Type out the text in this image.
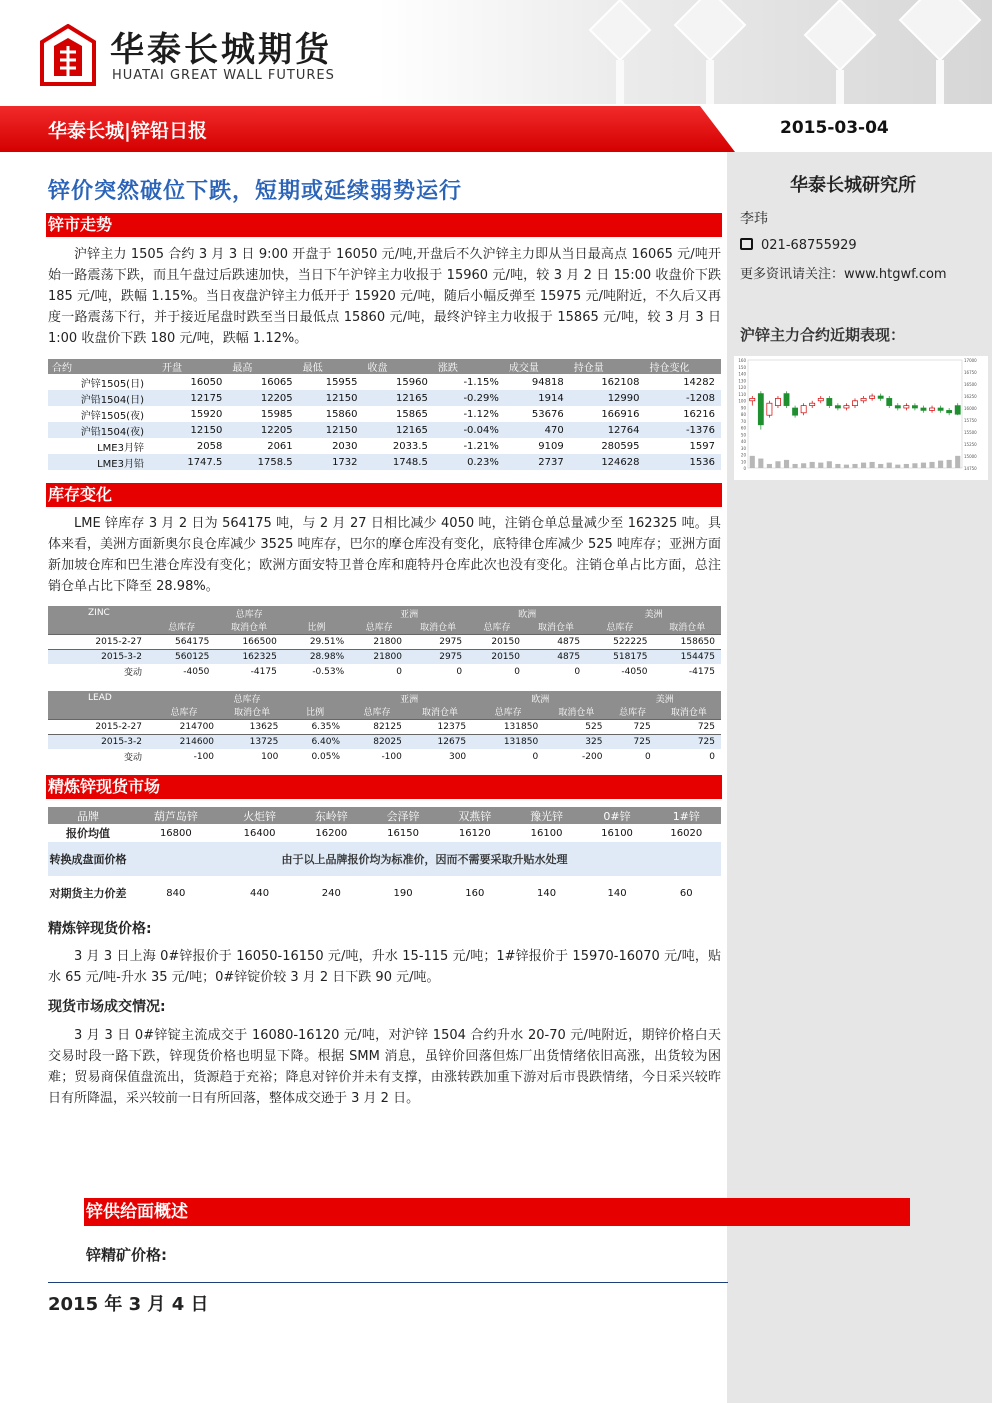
华泰长城期货
HUATAI GREAT WALL FUTURES
华泰长城|锌铅日报	2015-03-04
华泰长城研究所
李玮
021-68755929
更多资讯请关注：www.htgwf.com
沪锌主力合约近期表现：
160
150
140
130
120
110
100
90
80
70
60
50
40
30
20
10
0
17000
16750
16500
16250
16000
15750
15500
15250
15000
14750
锌价突然破位下跌，短期或延续弱势运行
锌市走势
沪锌主力 1505 合约 3 月 3 日 9:00 开盘于 16050 元/吨,开盘后不久沪锌主力即从当日最高点 16065 元/吨开始一路震荡下跌，而且午盘过后跌速加快，当日下午沪锌主力收报于 15960 元/吨，较 3 月 2 日 15:00 收盘价下跌 185 元/吨，跌幅 1.15%。当日夜盘沪锌主力低开于 15920 元/吨，随后小幅反弹至 15975 元/吨附近，不久后又再度一路震荡下行，并于接近尾盘时跌至当日最低点 15860 元/吨，最终沪锌主力收报于 15865 元/吨，较 3 月 3 日 1:00 收盘价下跌 180 元/吨，跌幅 1.12%。
合约	开盘	最高	最低	收盘	涨跌	成交量	持仓量	持仓变化
沪锌1505(日)	16050	16065	15955	15960	-1.15%	94818	162108	14282
沪铅1504(日)	12175	12205	12150	12165	-0.29%	1914	12990	-1208
沪锌1505(夜)	15920	15985	15860	15865	-1.12%	53676	166916	16216
沪铅1504(夜)	12150	12205	12150	12165	-0.04%	470	12764	-1376
LME3月锌	2058	2061	2030	2033.5	-1.21%	9109	280595	1597
LME3月铅	1747.5	1758.5	1732	1748.5	0.23%	2737	124628	1536
库存变化
LME 锌库存 3 月 2 日为 564175 吨，与 2 月 27 日相比减少 4050 吨，注销仓单总量减少至 162325 吨。具体来看，美洲方面新奥尔良仓库减少 3525 吨库存，巴尔的摩仓库没有变化，底特律仓库减少 525 吨库存；亚洲方面新加坡仓库和巴生港仓库没有变化；欧洲方面安特卫普仓库和鹿特丹仓库此次也没有变化。注销仓单占比方面，总注销仓单占比下降至 28.98%。
ZINC	总库存			亚洲		欧洲		美洲	
	总库存	取消仓单	比例	总库存	取消仓单	总库存	取消仓单	总库存	取消仓单
2015-2-27	564175	166500	29.51%	21800	2975	20150	4875	522225	158650
2015-3-2	560125	162325	28.98%	21800	2975	20150	4875	518175	154475
变动	-4050	-4175	-0.53%	0	0	0	0	-4050	-4175
LEAD	总库存			亚洲		欧洲		美洲	
	总库存	取消仓单	比例	总库存	取消仓单	总库存	取消仓单	总库存	取消仓单
2015-2-27	214700	13625	6.35%	82125	12375	131850	525	725	725
2015-3-2	214600	13725	6.40%	82025	12675	131850	325	725	725
变动	-100	100	0.05%	-100	300	0	-200	0	0
精炼锌现货市场
品牌	葫芦岛锌	火炬锌	东岭锌	会泽锌	双燕锌	豫光锌	0#锌	1#锌
报价均值	16800	16400	16200	16150	16120	16100	16100	16020
转换成盘面价格	由于以上品牌报价均为标准价，因而不需要采取升贴水处理							
对期货主力价差	840	440	240	190	160	140	140	60
精炼锌现货价格:
3 月 3 日上海 0#锌报价于 16050-16150 元/吨，升水 15-115 元/吨；1#锌报价于 15970-16070 元/吨，贴水 65 元/吨-升水 35 元/吨；0#锌锭价较 3 月 2 日下跌 90 元/吨。
现货市场成交情况:
3 月 3 日 0#锌锭主流成交于 16080-16120 元/吨，对沪锌 1504 合约升水 20-70 元/吨附近，期锌价格白天交易时段一路下跌，锌现货价格也明显下降。根据 SMM 消息，虽锌价回落但炼厂出货情绪依旧高涨，出货较为困难；贸易商保值盘流出，货源趋于充裕；降息对锌价并未有支撑，由涨转跌加重下游对后市畏跌情绪，今日采兴较昨日有所降温，采兴较前一日有所回落，整体成交逊于 3 月 2 日。
锌供给面概述
锌精矿价格:
2015 年 3 月 4 日
